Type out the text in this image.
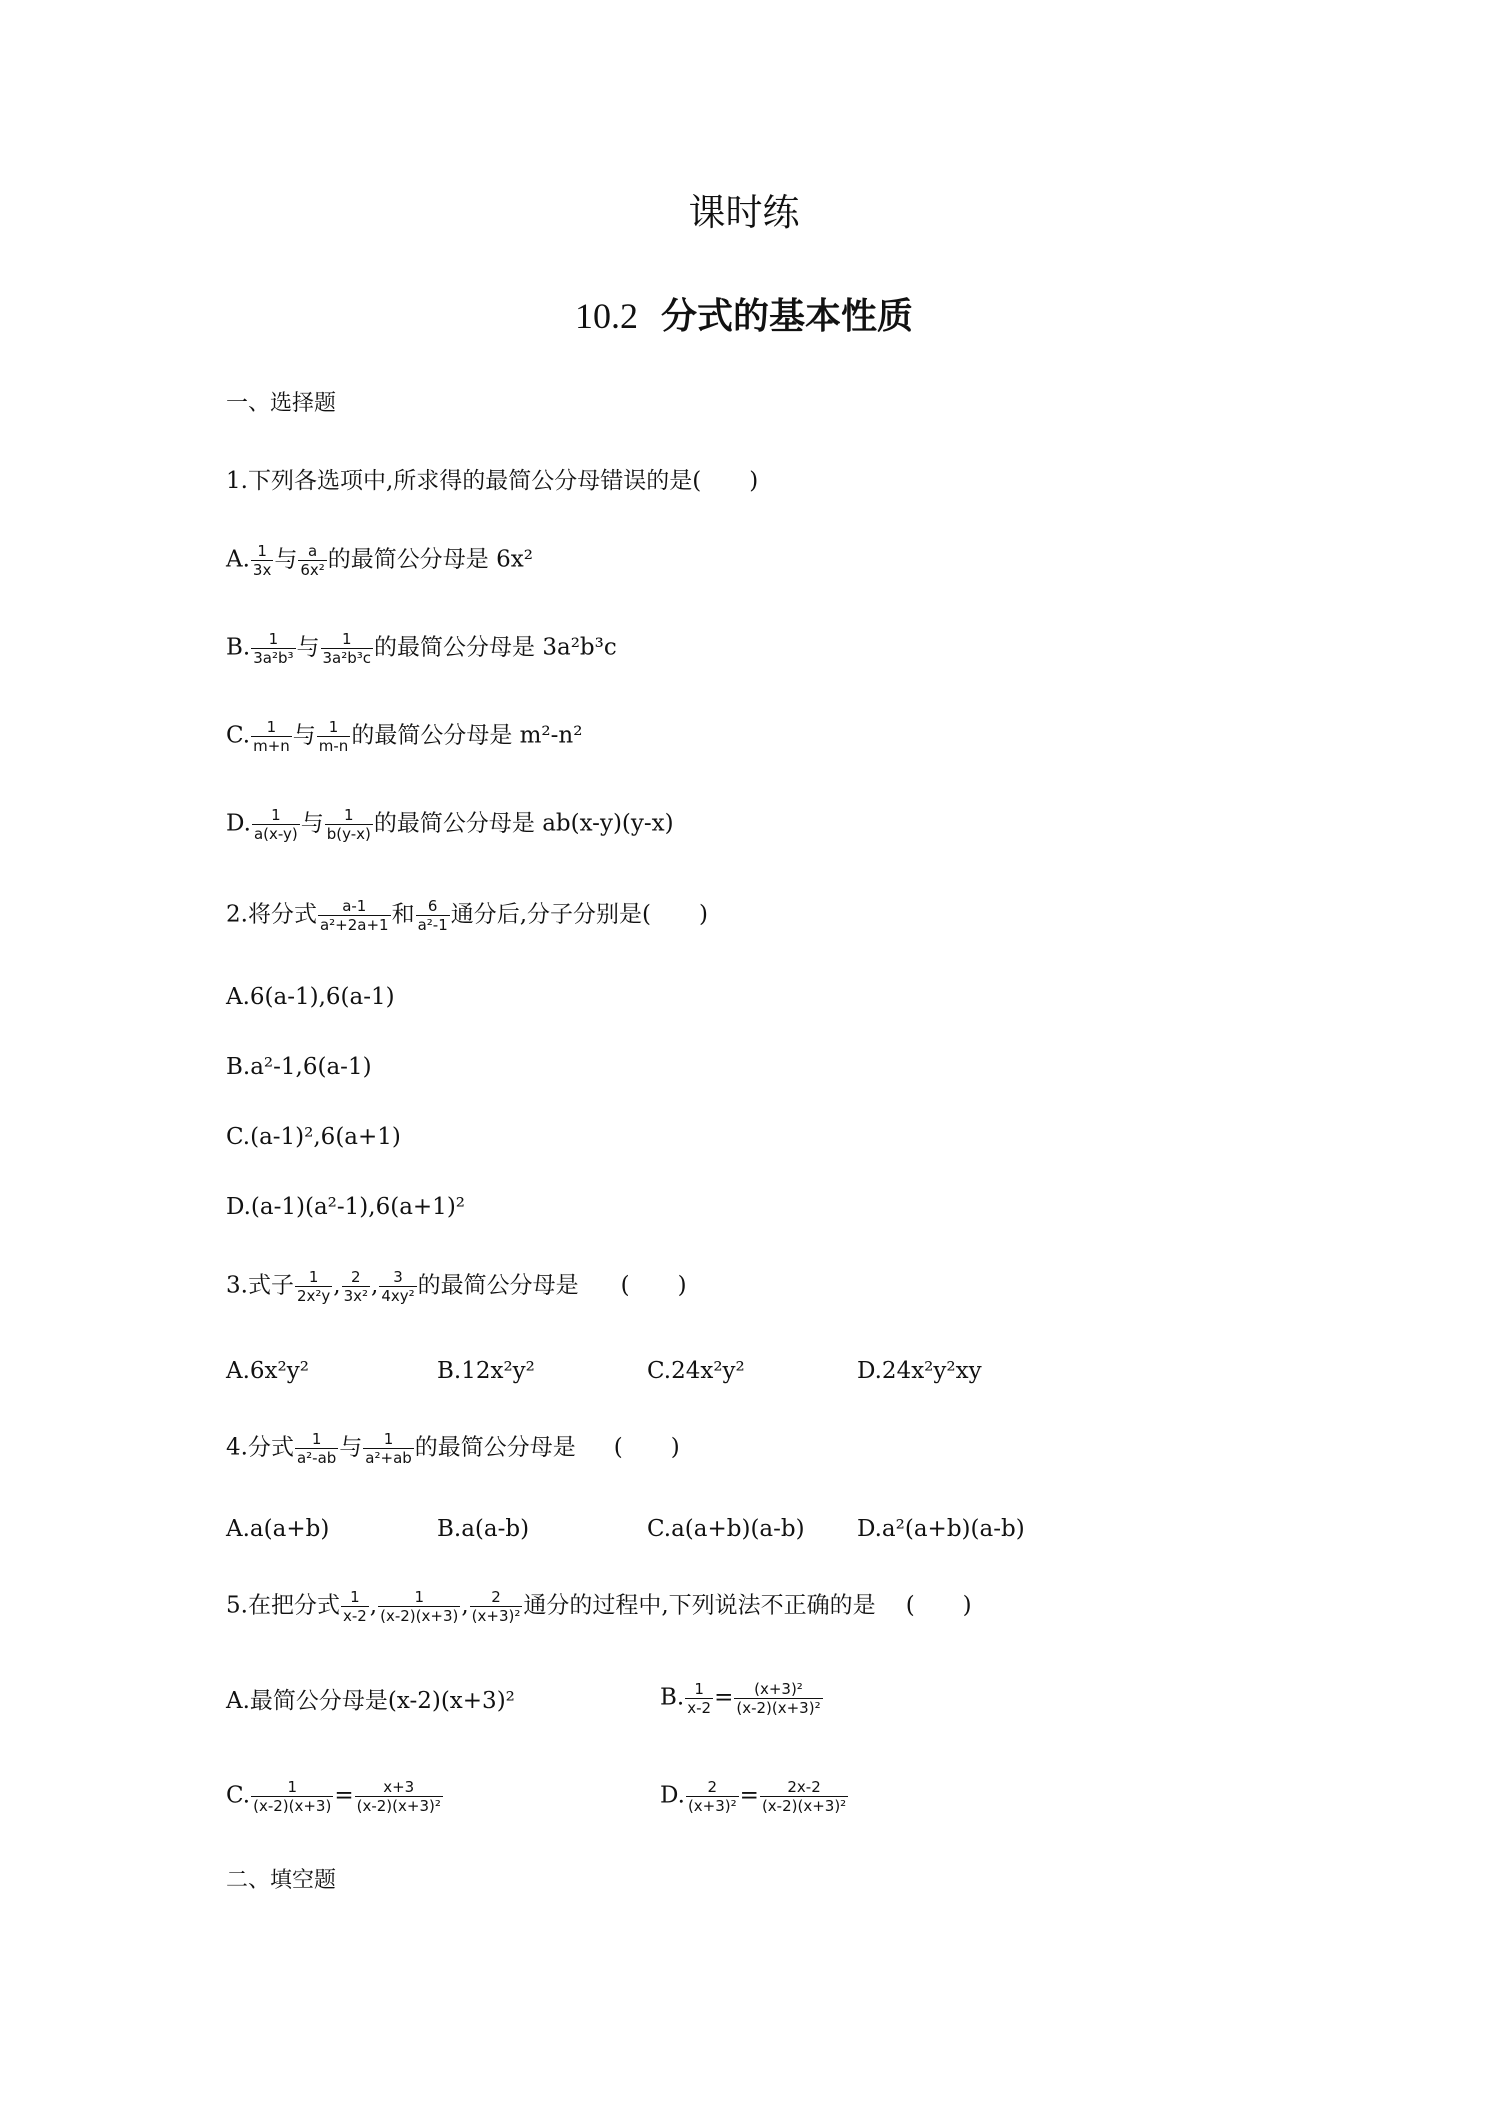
课时练
10.2 分式的基本性质
一、选择题
1.下列各选项中,所求得的最简公分母错误的是( )
A. $\frac{1}{3x}$ 与 $\frac{a}{\text{6x²}}$ 的最简公分母是 6x²
B. $\frac{1}{\text{3a²b³}}$ 与 $\frac{1}{\text{3a²b³c}}$ 的最简公分母是 3a²b³c
C. $\frac{1}{m+n}$ 与 $\frac{1}{m-n}$ 的最简公分母是 m²-n²
D. $\frac{1}{a(x-y)}$ 与 $\frac{1}{b(y-x)}$ 的最简公分母是 ab(x-y)(y-x)
2.将分式 $\frac{a-1}{\text{a²+2a+1}}$ 和 $\frac{6}{\text{a²-1}}$ 通分后,分子分别是( )
A.6(a-1),6(a-1)
B.a²-1,6(a-1)
C.(a-1)²,6(a+1)
D.(a-1)(a²-1),6(a+1)²
3.式子 $\frac{1}{\text{2x²y}}$ , $\frac{2}{\text{3x²}}$ , $\frac{3}{\text{4xy²}}$ 的最简公分母是 ( )
A.6x²y²	B.12x²y²	C.24x²y²	D.24x²y²xy
4.分式 $\frac{1}{\text{a²-ab}}$ 与 $\frac{1}{\text{a²+ab}}$ 的最简公分母是 ( )
A.a(a+b)	B.a(a-b)	C.a(a+b)(a-b) D.a²(a+b)(a-b)
5.在把分式 $\frac{1}{x-2}$ , $\frac{1}{(x-2)(x+3)}$ , $\frac{2}{\text{(x+3)²}}$ 通分的过程中,下列说法不正确的是 ( )
A.最简公分母是(x-2)(x+3)²	B. $\frac{1}{x-2} = \frac{\text{(x+3)²}}{\text{(x-2)(x+3)²}}$
C. $\frac{1}{(x-2)(x+3)} = \frac{x+3}{\text{(x-2)(x+3)²}}$	D. $\frac{2}{\text{(x+3)²}} = \frac{2x-2}{\text{(x-2)(x+3)²}}$
二、填空题
